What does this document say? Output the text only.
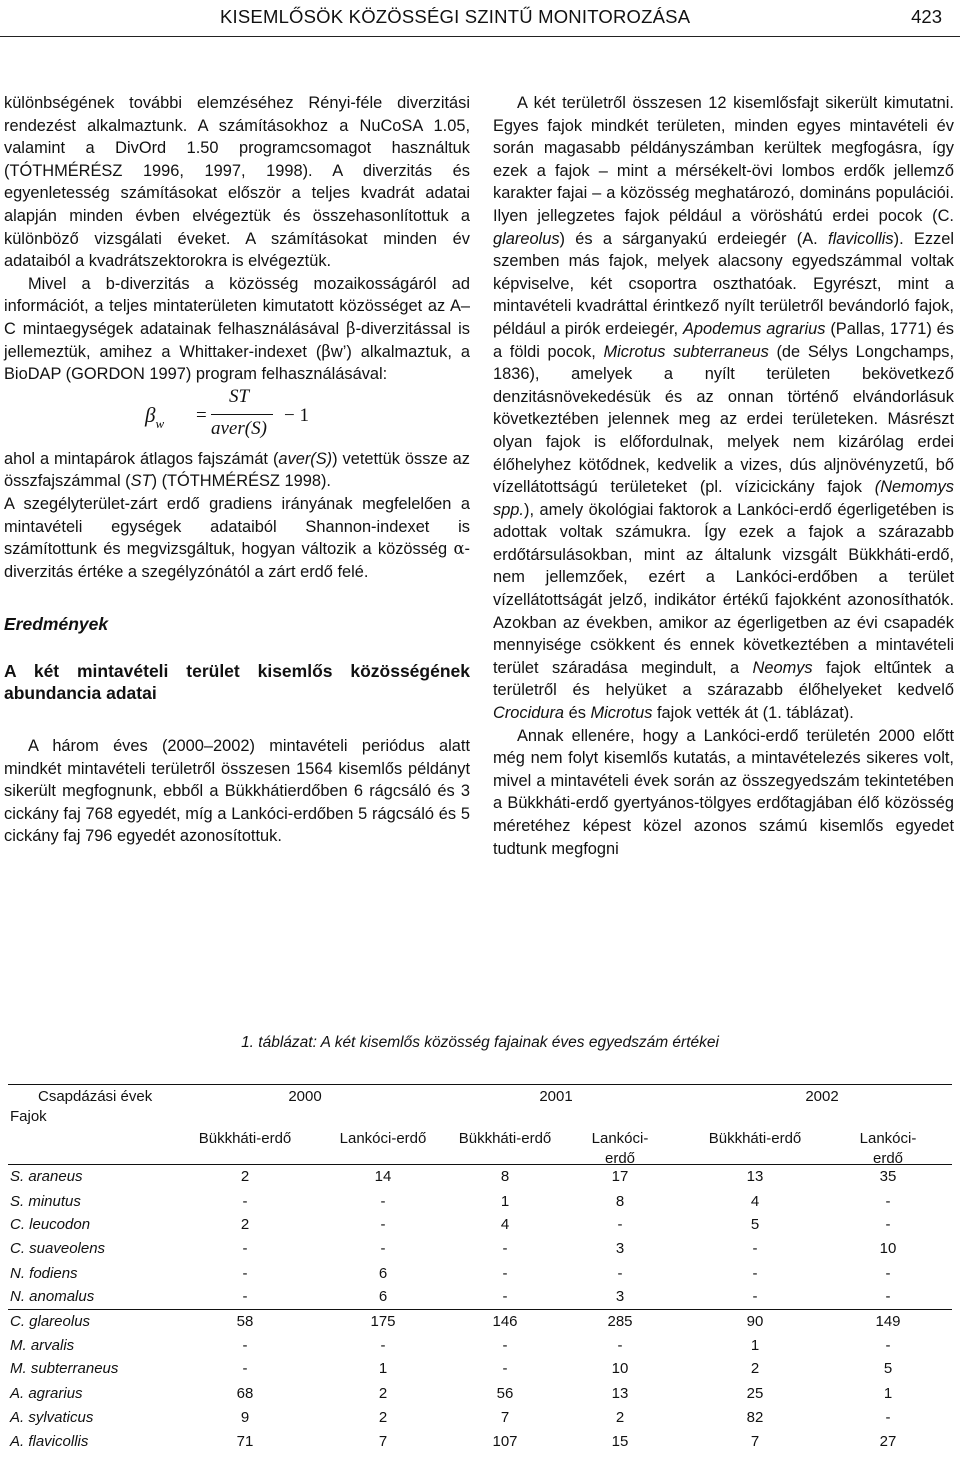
KISEMLŐSÖK KÖZÖSSÉGI SZINTŰ MONITOROZÁSA	423

különbségének további elemzéséhez Rényi-féle diverzitási rendezést alkalmaztunk. A számításokhoz a NuCoSA 1.05, valamint a DivOrd 1.50 programcsomagot használtuk (TÓTHMÉRÉSZ 1996, 1997, 1998). A diverzitás és egyenletesség számításokat először a teljes kvadrát adatai alapján minden évben elvégeztük és összehasonlítottuk a különböző vizsgálati éveket. A számításokat minden év adataiból a kvadrátszektorokra is elvégeztük.

Mivel a b-diverzitás a közösség mozaikosságáról ad információt, a teljes mintaterületen kimutatott közösséget az A–C mintaegységek adatainak felhasználásával β-diverzitással is jellemeztük, amihez a Whittaker-indexet (βw’) alkalmaztuk, a BioDAP (GORDON 1997) program felhasználásával:

$\beta_w$ =
ST
aver(S)
− 1

ahol a mintapárok átlagos fajszámát (aver(S)) vetettük össze az összfajszámmal (ST) (TÓTHMÉRÉSZ 1998).

A szegélyterület-zárt erdő gradiens irányának megfelelően a mintavételi egységek adataiból Shannon-indexet is számítottunk és megvizsgáltuk, hogyan változik a közösség α-diverzitás értéke a szegélyzónától a zárt erdő felé.

Eredmények

A két mintavételi terület kisemlős közösségének abundancia adatai

A három éves (2000–2002) mintavételi periódus alatt mindkét mintavételi területről összesen 1564 kisemlős példányt sikerült megfognunk, ebből a Bükkhátierdőben 6 rágcsáló és 3 cickány faj 768 egyedét, míg a Lankóci-erdőben 5 rágcsáló és 5 cickány faj 796 egyedét azonosítottuk.

A két területről összesen 12 kisemlősfajt sikerült kimutatni. Egyes fajok mindkét területen, minden egyes mintavételi év során magasabb példányszámban kerültek megfogásra, így ezek a fajok – mint a mérsékelt-övi lombos erdők jellemző karakter fajai – a közösség meghatározó, domináns populációi. Ilyen jellegzetes fajok például a vöröshátú erdei pocok (C. glareolus) és a sárganyakú erdeiegér (A. flavicollis). Ezzel szemben más fajok, melyek alacsony egyedszámmal voltak képviselve, két csoportra oszthatóak. Egyrészt, mint a mintavételi kvadráttal érintkező nyílt területről bevándorló fajok, például a pirók erdeiegér, Apodemus agrarius (Pallas, 1771) és a földi pocok, Microtus subterraneus (de Sélys Longchamps, 1836), amelyek a nyílt területen bekövetkező denzitásnövekedésük és az onnan történő elvándorlásuk következtében jelennek meg az erdei területeken. Másrészt olyan fajok is előfordulnak, melyek nem kizárólag erdei élőhelyhez kötődnek, kedvelik a vizes, dús aljnövényzetű, bő vízellátottságú területeket (pl. vízicickány fajok (Nemomys spp.), amely ökológiai faktorok a Lankóci-erdő égerligetében is adottak voltak számukra. Így ezek a fajok a szárazabb erdőtársulásokban, mint az általunk vizsgált Bükkháti-erdő, nem jellemzőek, ezért a Lankóci-erdőben a terület vízellátottságát jelző, indikátor értékű fajokként azonosíthatók. Azokban az években, amikor az égerligetben az évi csapadék mennyisége csökkent és ennek következtében a mintavételi terület száradása megindult, a Neomys fajok eltűntek a területről és helyüket a szárazabb élőhelyeket kedvelő Crocidura és Microtus fajok vették át (1. táblázat).

Annak ellenére, hogy a Lankóci-erdő területén 2000 előtt még nem folyt kisemlős kutatás, a mintavételezés sikeres volt, mivel a mintavételi évek során az összegyedszám tekintetében a Bükkháti-erdő gyertyános-tölgyes erdőtagjában élő közösség méretéhez képest közel azonos számú kisemlős egyedet tudtunk megfogni

1. táblázat: A két kisemlős közösség fajainak éves egyedszám értékei
Csapdázási évek
Fajok
2000	2001	2002
Bükkháti-erdő	Lankóci-erdő	Bükkháti-erdő	Lankóci-
erdő
Bükkháti-erdő	Lankóci-
erdő
S. araneus	2	14	8	17	13	35
S. minutus	-	-	1	8	4	-
C. leucodon	2	-	4	-	5	-
C. suaveolens	-	-	-	3	-	10
N. fodiens	-	6	-	-	-	-
N. anomalus	-	6	-	3	-	-
C. glareolus	58	175	146	285	90	149
M. arvalis	-	-	-	-	1	-
M. subterraneus	-	1	-	10	2	5
A. agrarius	68	2	56	13	25	1
A. sylvaticus	9	2	7	2	82	-
A. flavicollis	71	7	107	15	7	27
